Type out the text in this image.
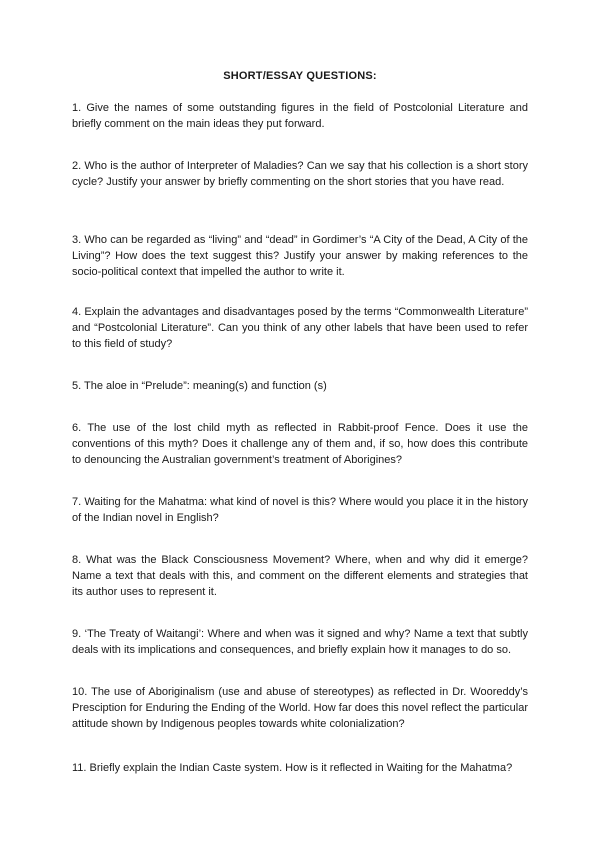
SHORT/ESSAY QUESTIONS:

1. Give the names of some outstanding figures in the field of Postcolonial Literature and briefly comment on the main ideas they put forward.

2. Who is the author of Interpreter of Maladies? Can we say that his collection is a short story cycle? Justify your answer by briefly commenting on the short stories that you have read.

3. Who can be regarded as “living” and “dead” in Gordimer’s “A City of the Dead, A City of the Living”? How does the text suggest this? Justify your answer by making references to the socio-political context that impelled the author to write it.

4. Explain the advantages and disadvantages posed by the terms “Commonwealth Literature” and “Postcolonial Literature”. Can you think of any other labels that have been used to refer to this field of study?

5. The aloe in “Prelude”: meaning(s) and function (s)

6. The use of the lost child myth as reflected in Rabbit-proof Fence. Does it use the conventions of this myth? Does it challenge any of them and, if so, how does this contribute to denouncing the Australian government’s treatment of Aborigines?

7. Waiting for the Mahatma: what kind of novel is this? Where would you place it in the history of the Indian novel in English?

8. What was the Black Consciousness Movement? Where, when and why did it emerge? Name a text that deals with this, and comment on the different elements and strategies that its author uses to represent it.

9. ‘The Treaty of Waitangi’: Where and when was it signed and why? Name a text that subtly deals with its implications and consequences, and briefly explain how it manages to do so.

10. The use of Aboriginalism (use and abuse of stereotypes) as reflected in Dr. Wooreddy’s Presciption for Enduring the Ending of the World. How far does this novel reflect the particular attitude shown by Indigenous peoples towards white colonialization?

11. Briefly explain the Indian Caste system. How is it reflected in Waiting for the Mahatma?
